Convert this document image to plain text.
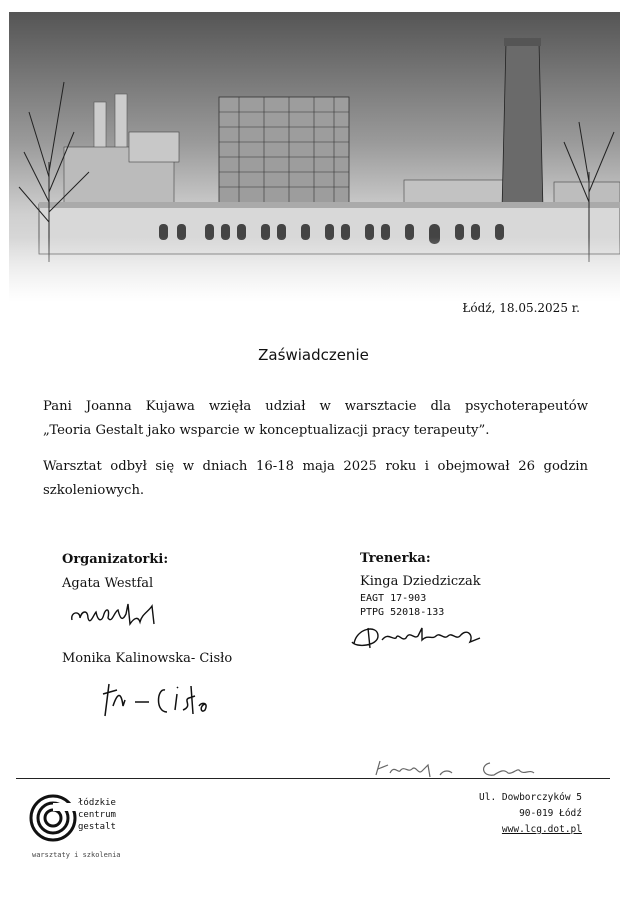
Łódź, 18.05.2025 r.
Zaświadczenie
Pani Joanna Kujawa wzięła udział w warsztacie dla psychoterapeutów
„Teoria Gestalt jako wsparcie w konceptualizacji pracy terapeuty”.
Warsztat odbył się w dniach 16-18 maja 2025 roku i obejmował 26 godzin szkoleniowych.
Organizatorki:
Agata Westfal
Monika Kalinowska- Cisło
Trenerka:
Kinga Dziedziczak
EAGT 17-903
PTPG 52018-133
łódzkie
centrum
gestalt
warsztaty i szkolenia
Ul. Dowborczyków 5
90-019 Łódź
www.lcg.dot.pl
